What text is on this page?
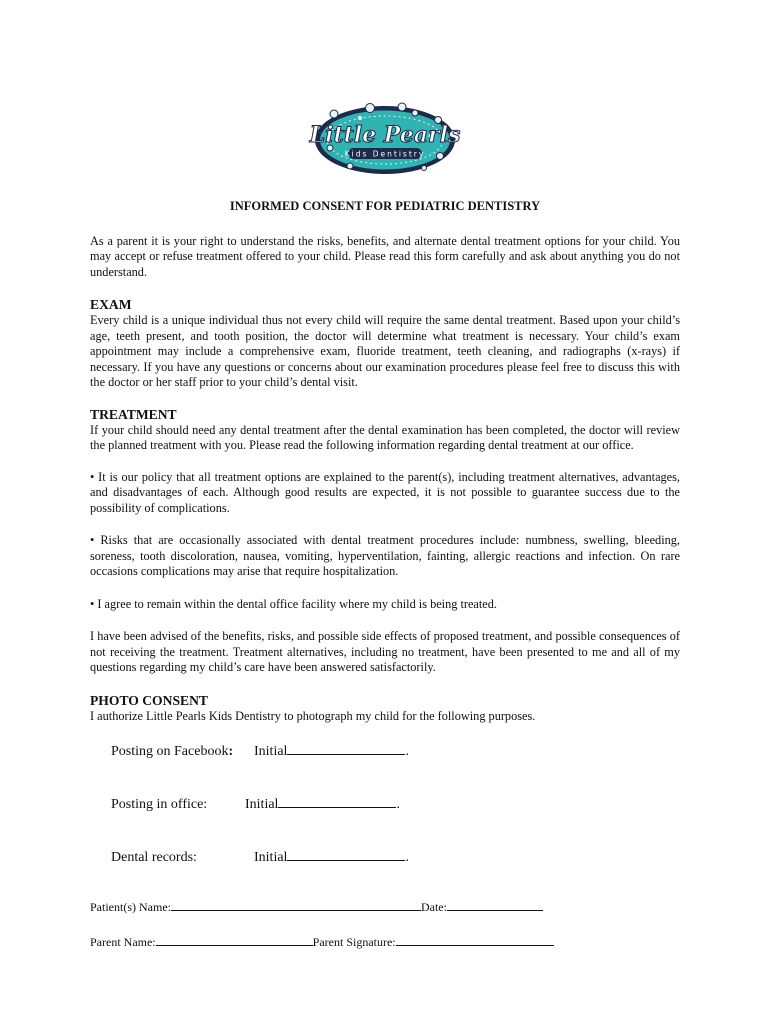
Little Pearls
Kids Dentistry

INFORMED CONSENT FOR PEDIATRIC DENTISTRY

As a parent it is your right to understand the risks, benefits, and alternate dental treatment options for your child. You may accept or refuse treatment offered to your child. Please read this form carefully and ask about anything you do not understand.

EXAM

Every child is a unique individual thus not every child will require the same dental treatment. Based upon your child’s age, teeth present, and tooth position, the doctor will determine what treatment is necessary. Your child’s exam appointment may include a comprehensive exam, fluoride treatment, teeth cleaning, and radiographs (x-rays) if necessary. If you have any questions or concerns about our examination procedures please feel free to discuss this with the doctor or her staff prior to your child’s dental visit.

TREATMENT

If your child should need any dental treatment after the dental examination has been completed, the doctor will review the planned treatment with you. Please read the following information regarding dental treatment at our office.

• It is our policy that all treatment options are explained to the parent(s), including treatment alternatives, advantages, and disadvantages of each. Although good results are expected, it is not possible to guarantee success due to the possibility of complications.

• Risks that are occasionally associated with dental treatment procedures include: numbness, swelling, bleeding, soreness, tooth discoloration, nausea, vomiting, hyperventilation, fainting, allergic reactions and infection. On rare occasions complications may arise that require hospitalization.

• I agree to remain within the dental office facility where my child is being treated.

I have been advised of the benefits, risks, and possible side effects of proposed treatment, and possible consequences of not receiving the treatment. Treatment alternatives, including no treatment, have been presented to me and all of my questions regarding my child’s care have been answered satisfactorily.

PHOTO CONSENT

I authorize Little Pearls Kids Dentistry to photograph my child for the following purposes.

Posting on Facebook: Initial	.

Posting in office:	Initial	.

Dental records:	Initial	.

Patient(s) Name:	Date:
Parent Name:	Parent Signature:
